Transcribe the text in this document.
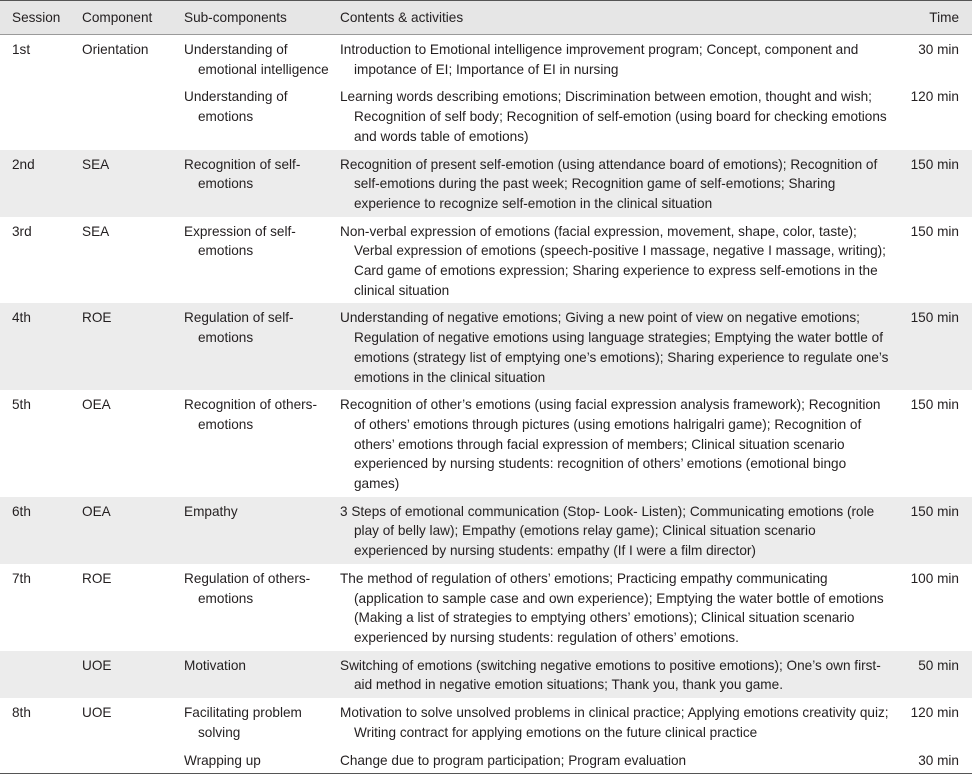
Session	Component	Sub-components	Contents & activities	Time
1st	Orientation	Understanding of emotional intelligence	Introduction to Emotional intelligence improvement program; Concept, component and impotance of EI; Importance of EI in nursing	30 min

		Understanding of emotions	Learning words describing emotions; Discrimination between emotion, thought and wish; Recognition of self body; Recognition of self-emotion (using board for checking emotions and words table of emotions)	120 min
2nd	SEA	Recognition of self-emotions	Recognition of present self-emotion (using attendance board of emotions); Recognition of self-emotions during the past week; Recognition game of self-emotions; Sharing experience to recognize self-emotion in the clinical situation	150 min
3rd	SEA	Expression of self-emotions	Non-verbal expression of emotions (facial expression, movement, shape, color, taste); Verbal expression of emotions (speech-positive I massage, negative I massage, writing); Card game of emotions expression; Sharing experience to express self-emotions in the clinical situation	150 min
4th	ROE	Regulation of self-emotions	Understanding of negative emotions; Giving a new point of view on negative emotions; Regulation of negative emotions using language strategies; Emptying the water bottle of emotions (strategy list of emptying one’s emotions); Sharing experience to regulate one’s emotions in the clinical situation	150 min
5th	OEA	Recognition of others-emotions	Recognition of other’s emotions (using facial expression analysis framework); Recognition of others’ emotions through pictures (using emotions halrigalri game); Recognition of others’ emotions through facial expression of members; Clinical situation scenario experienced by nursing students: recognition of others’ emotions (emotional bingo games)	150 min
6th	OEA	Empathy	3 Steps of emotional communication (Stop- Look- Listen); Communicating emotions (role play of belly law); Empathy (emotions relay game); Clinical situation scenario experienced by nursing students: empathy (If I were a film director)	150 min
7th	ROE	Regulation of others-emotions	The method of regulation of others’ emotions; Practicing empathy communicating (application to sample case and own experience); Emptying the water bottle of emotions (Making a list of strategies to emptying others’ emotions); Clinical situation scenario experienced by nursing students: regulation of others’ emotions.	100 min
	UOE	Motivation	Switching of emotions (switching negative emotions to positive emotions); One’s own first-aid method in negative emotion situations; Thank you, thank you game.	50 min
8th	UOE	Facilitating problem solving	Motivation to solve unsolved problems in clinical practice; Applying emotions creativity quiz; Writing contract for applying emotions on the future clinical practice	120 min

		Wrapping up	Change due to program participation; Program evaluation	30 min
